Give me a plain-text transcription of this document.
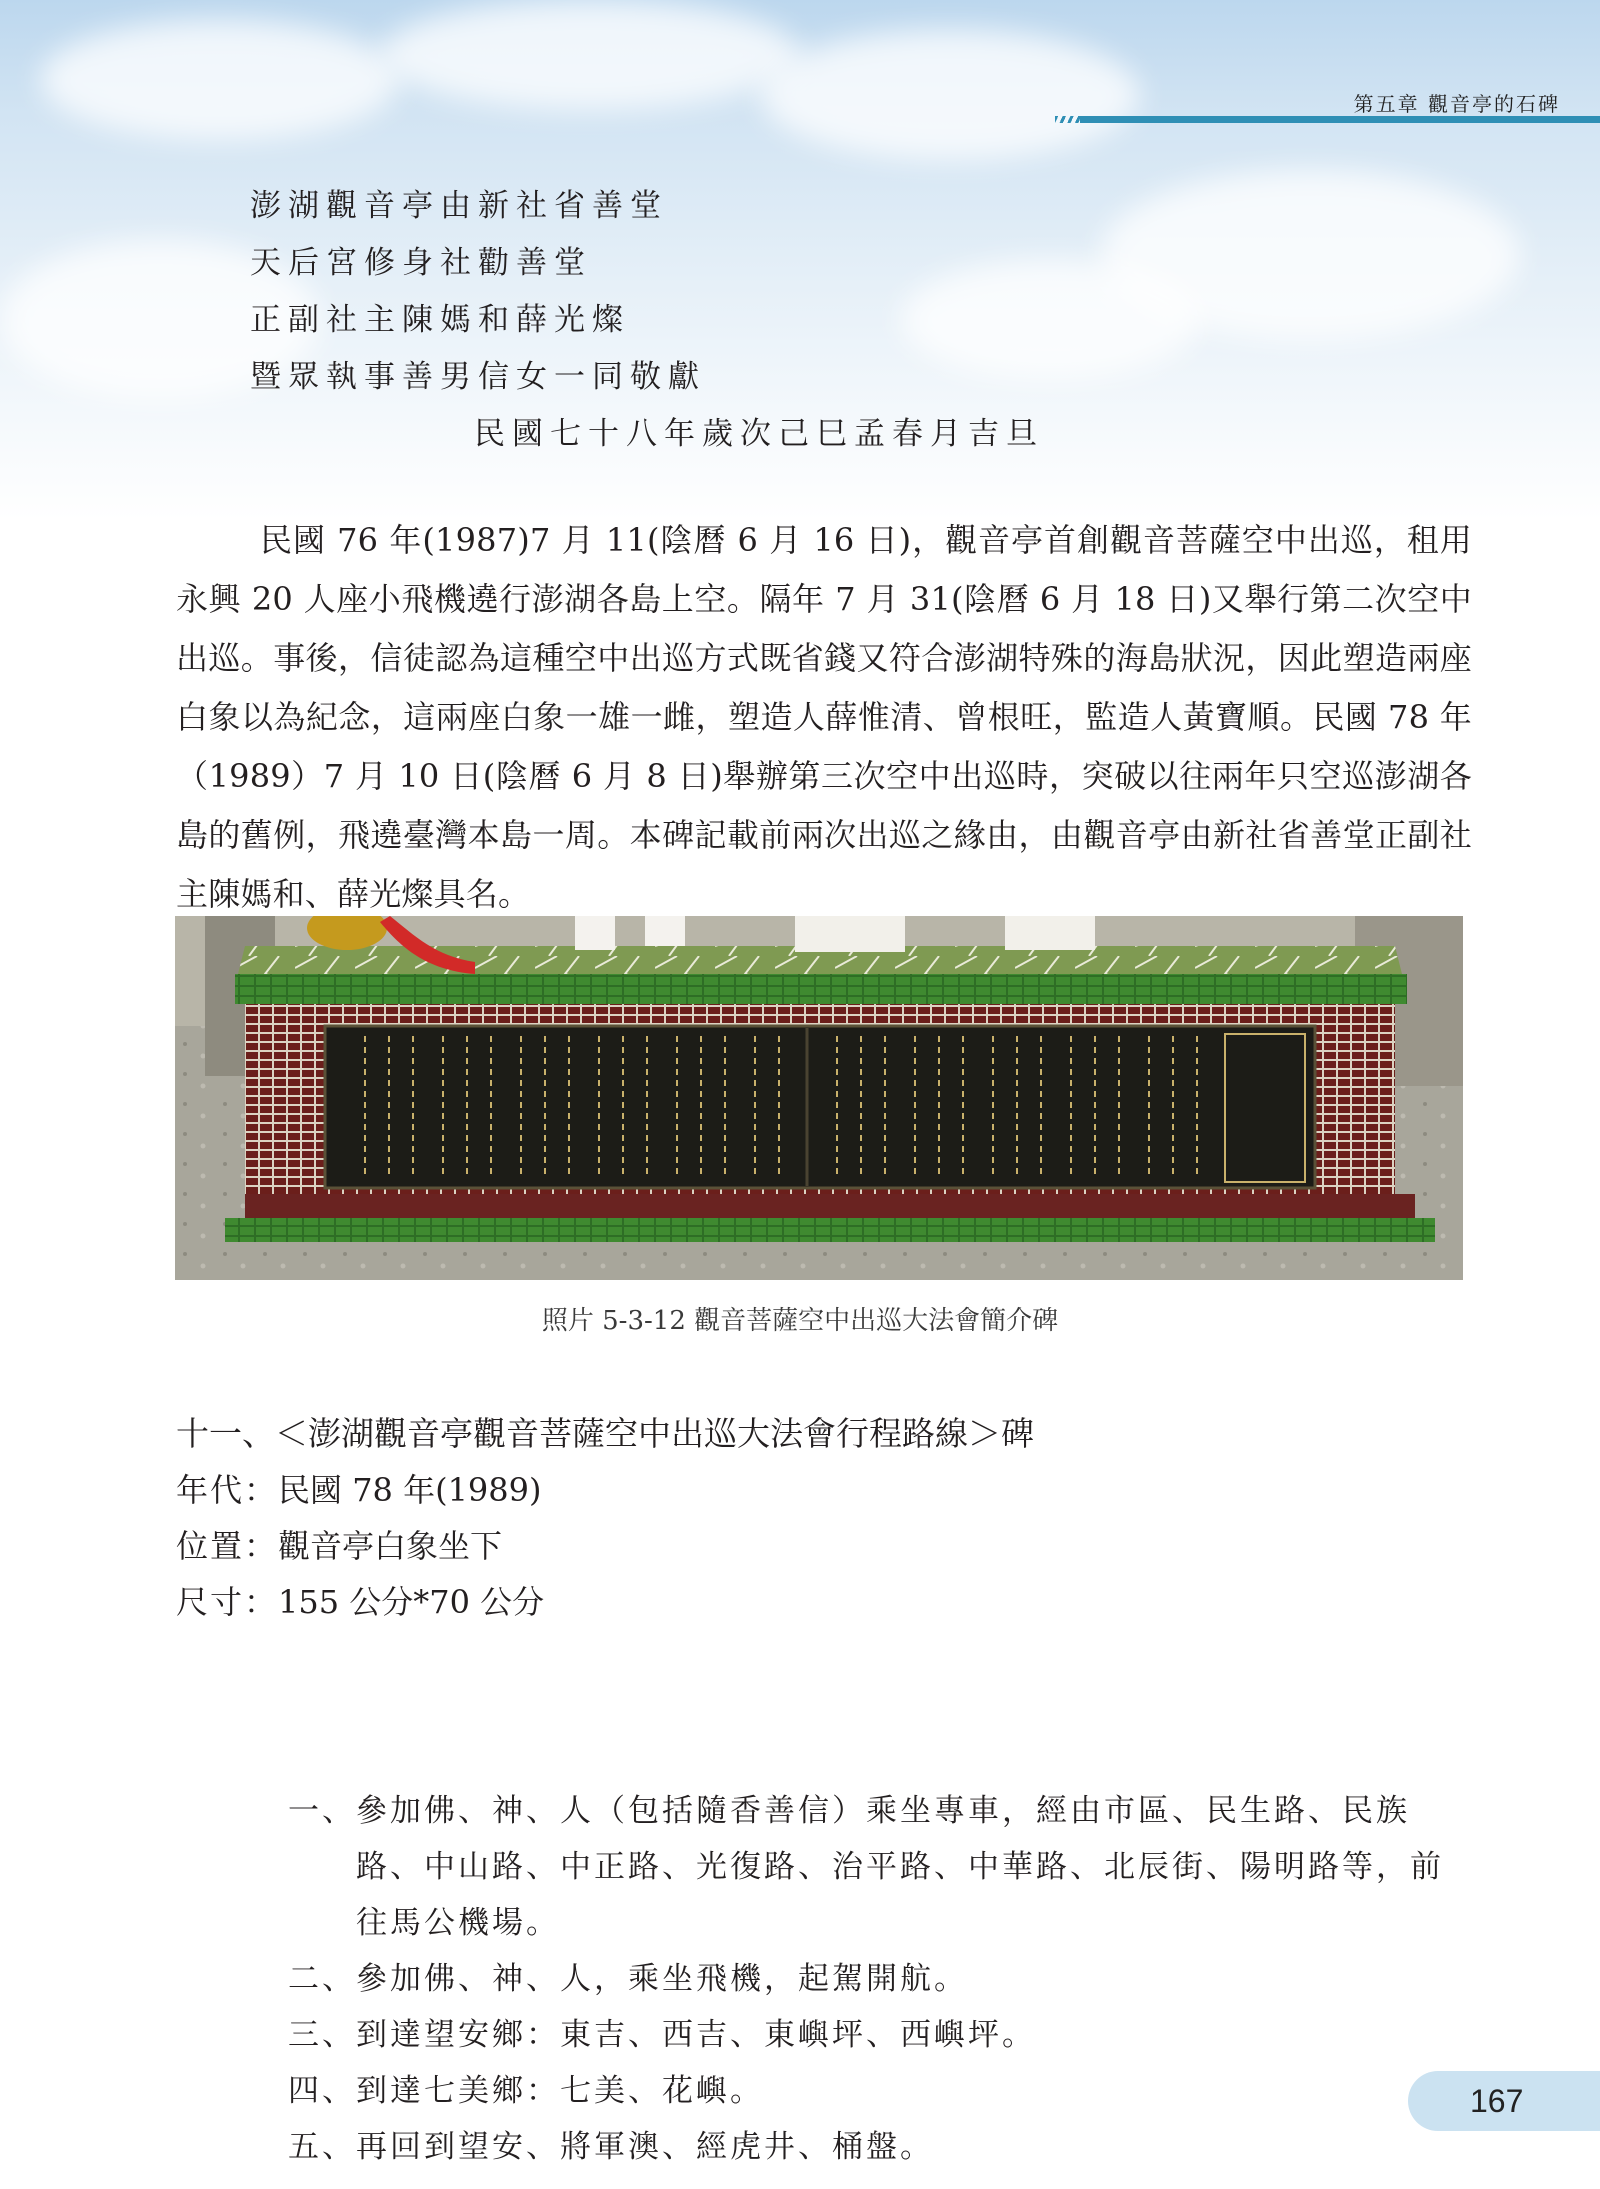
第五章 觀音亭的石碑
澎湖觀音亭由新社省善堂
天后宮修身社勸善堂
正副社主陳媽和薛光燦
暨眾執事善男信女一同敬獻
民國七十八年歲次己巳孟春月吉旦

民國 76 年(1987)7 月 11(陰曆 6 月 16 日)，觀音亭首創觀音菩薩空中出巡，租用永興 20 人座小飛機遶行澎湖各島上空。隔年 7 月 31(陰曆 6 月 18 日)又舉行第二次空中出巡。事後，信徒認為這種空中出巡方式既省錢又符合澎湖特殊的海島狀況，因此塑造兩座白象以為紀念，這兩座白象一雄一雌，塑造人薛惟清、曾根旺，監造人黃寶順。民國 78 年（1989）7 月 10 日(陰曆 6 月 8 日)舉辦第三次空中出巡時，突破以往兩年只空巡澎湖各島的舊例，飛遶臺灣本島一周。本碑記載前兩次出巡之緣由，由觀音亭由新社省善堂正副社主陳媽和、薛光燦具名。

照片 5-3-12 觀音菩薩空中出巡大法會簡介碑
十一、＜澎湖觀音亭觀音菩薩空中出巡大法會行程路線＞碑
年代：民國 78 年(1989)
位置：觀音亭白象坐下
尺寸：155 公分*70 公分
一、 參加佛、神、人（包括隨香善信）乘坐專車，經由市區、民生路、民族路、中山路、中正路、光復路、治平路、中華路、北辰街、陽明路等，前往馬公機場。
二、 參加佛、神、人，乘坐飛機，起駕開航。
三、 到達望安鄉：東吉、西吉、東嶼坪、西嶼坪。
四、 到達七美鄉：七美、花嶼。
五、 再回到望安、將軍澳、經虎井、桶盤。
167
